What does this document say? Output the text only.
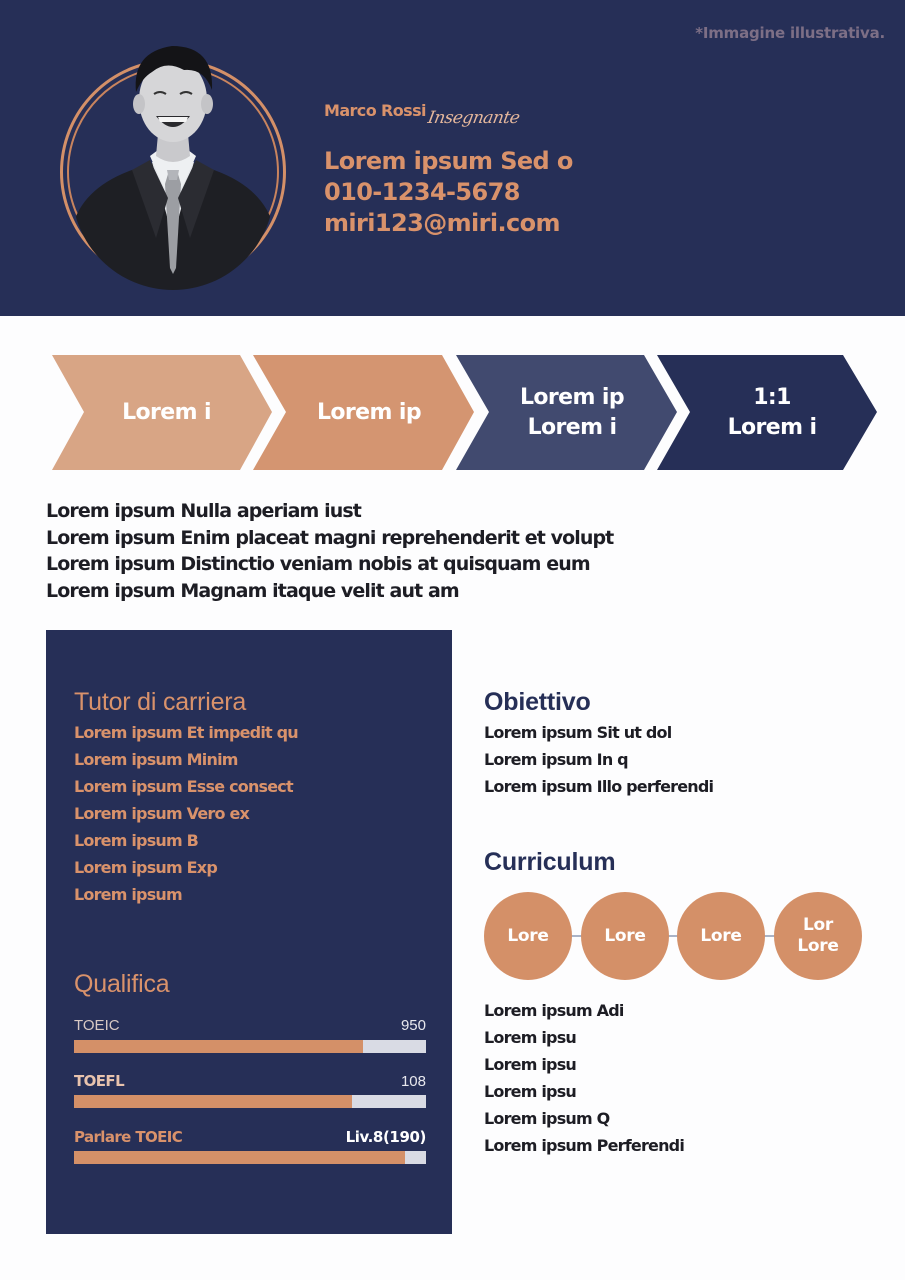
*Immagine illustrativa.
Marco Rossi Insegnante
Lorem ipsum Sed o
010-1234-5678
miri123@miri.com
Lorem i	Lorem ip
Lorem ip
Lorem i
1:1
Lorem i
Lorem ipsum Nulla aperiam iust
Lorem ipsum Enim placeat magni reprehenderit et volupt
Lorem ipsum Distinctio veniam nobis at quisquam eum
Lorem ipsum Magnam itaque velit aut am
Tutor di carriera
Lorem ipsum Et impedit qu
Lorem ipsum Minim
Lorem ipsum Esse consect
Lorem ipsum Vero ex
Lorem ipsum B
Lorem ipsum Exp
Lorem ipsum
Qualifica
TOEIC	950
TOEFL	108
Parlare TOEIC	Liv.8(190)
Obiettivo
Lorem ipsum Sit ut dol
Lorem ipsum In q
Lorem ipsum Illo perferendi
Curriculum
Lore	Lore	Lore
Lor
Lore
Lorem ipsum Adi
Lorem ipsu
Lorem ipsu
Lorem ipsu
Lorem ipsum Q
Lorem ipsum Perferendi
